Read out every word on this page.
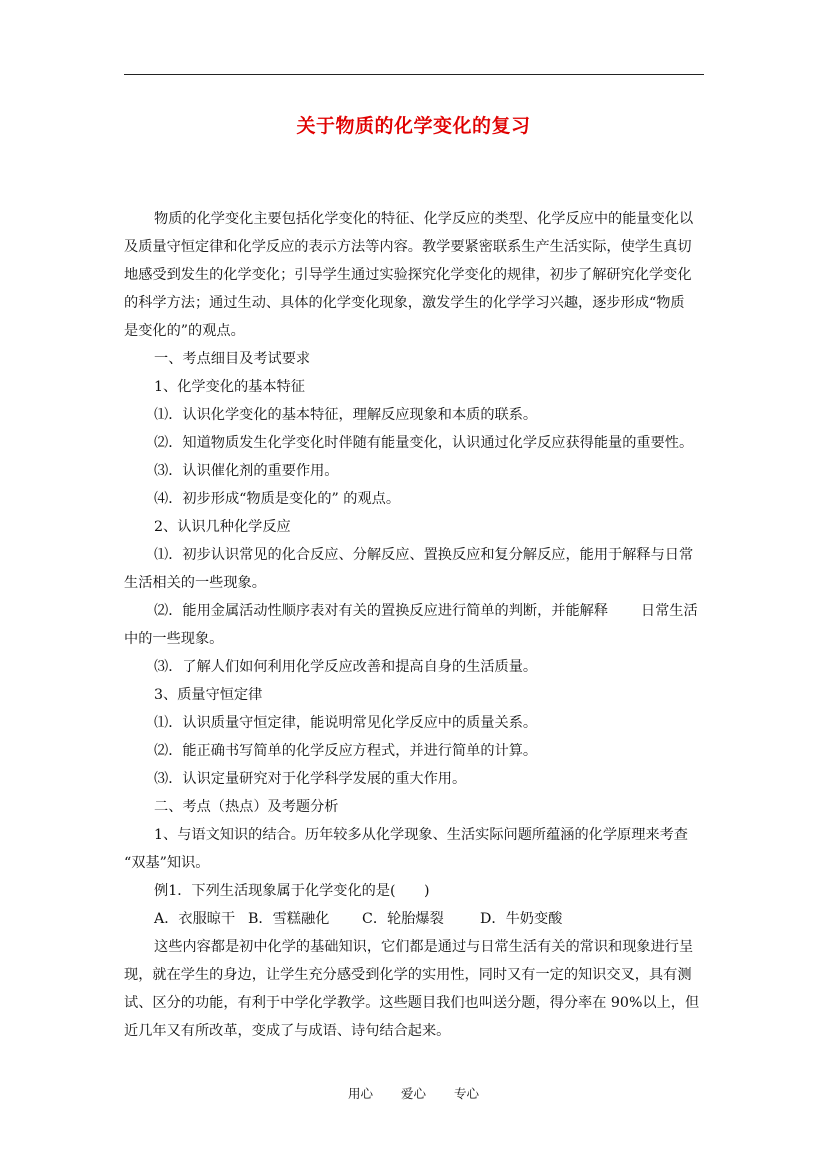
关于物质的化学变化的复习
物质的化学变化主要包括化学变化的特征、化学反应的类型、化学反应中的能量变化以
及质量守恒定律和化学反应的表示方法等内容。教学要紧密联系生产生活实际，使学生真切
地感受到发生的化学变化；引导学生通过实验探究化学变化的规律，初步了解研究化学变化
的科学方法；通过生动、具体的化学变化现象，激发学生的化学学习兴趣，逐步形成“物质
是变化的”的观点。
一、考点细目及考试要求
1、化学变化的基本特征
⑴．认识化学变化的基本特征，理解反应现象和本质的联系。
⑵．知道物质发生化学变化时伴随有能量变化，认识通过化学反应获得能量的重要性。
⑶．认识催化剂的重要作用。
⑷．初步形成“物质是变化的” 的观点。
2、认识几种化学反应
⑴．初步认识常见的化合反应、分解反应、置换反应和复分解反应，能用于解释与日常
生活相关的一些现象。
⑵．能用金属活动性顺序表对有关的置换反应进行简单的判断，并能解释 　　日常生活
中的一些现象。
⑶．了解人们如何利用化学反应改善和提高自身的生活质量。
3、质量守恒定律
⑴．认识质量守恒定律，能说明常见化学反应中的质量关系。
⑵．能正确书写简单的化学反应方程式，并进行简单的计算。
⑶．认识定量研究对于化学科学发展的重大作用。
二、考点（热点）及考题分析
1、与语文知识的结合。历年较多从化学现象、生活实际问题所蕴涵的化学原理来考查
“双基”知识。
例1．下列生活现象属于化学变化的是(　　)
A．衣服晾干 B．雪糕融化 C．轮胎爆裂	D．牛奶变酸
这些内容都是初中化学的基础知识，它们都是通过与日常生活有关的常识和现象进行呈
现，就在学生的身边，让学生充分感受到化学的实用性，同时又有一定的知识交叉，具有测
试、区分的功能，有利于中学化学教学。这些题目我们也叫送分题，得分率在 90%以上，但
近几年又有所改革，变成了与成语、诗句结合起来。
用心 爱心 专心
